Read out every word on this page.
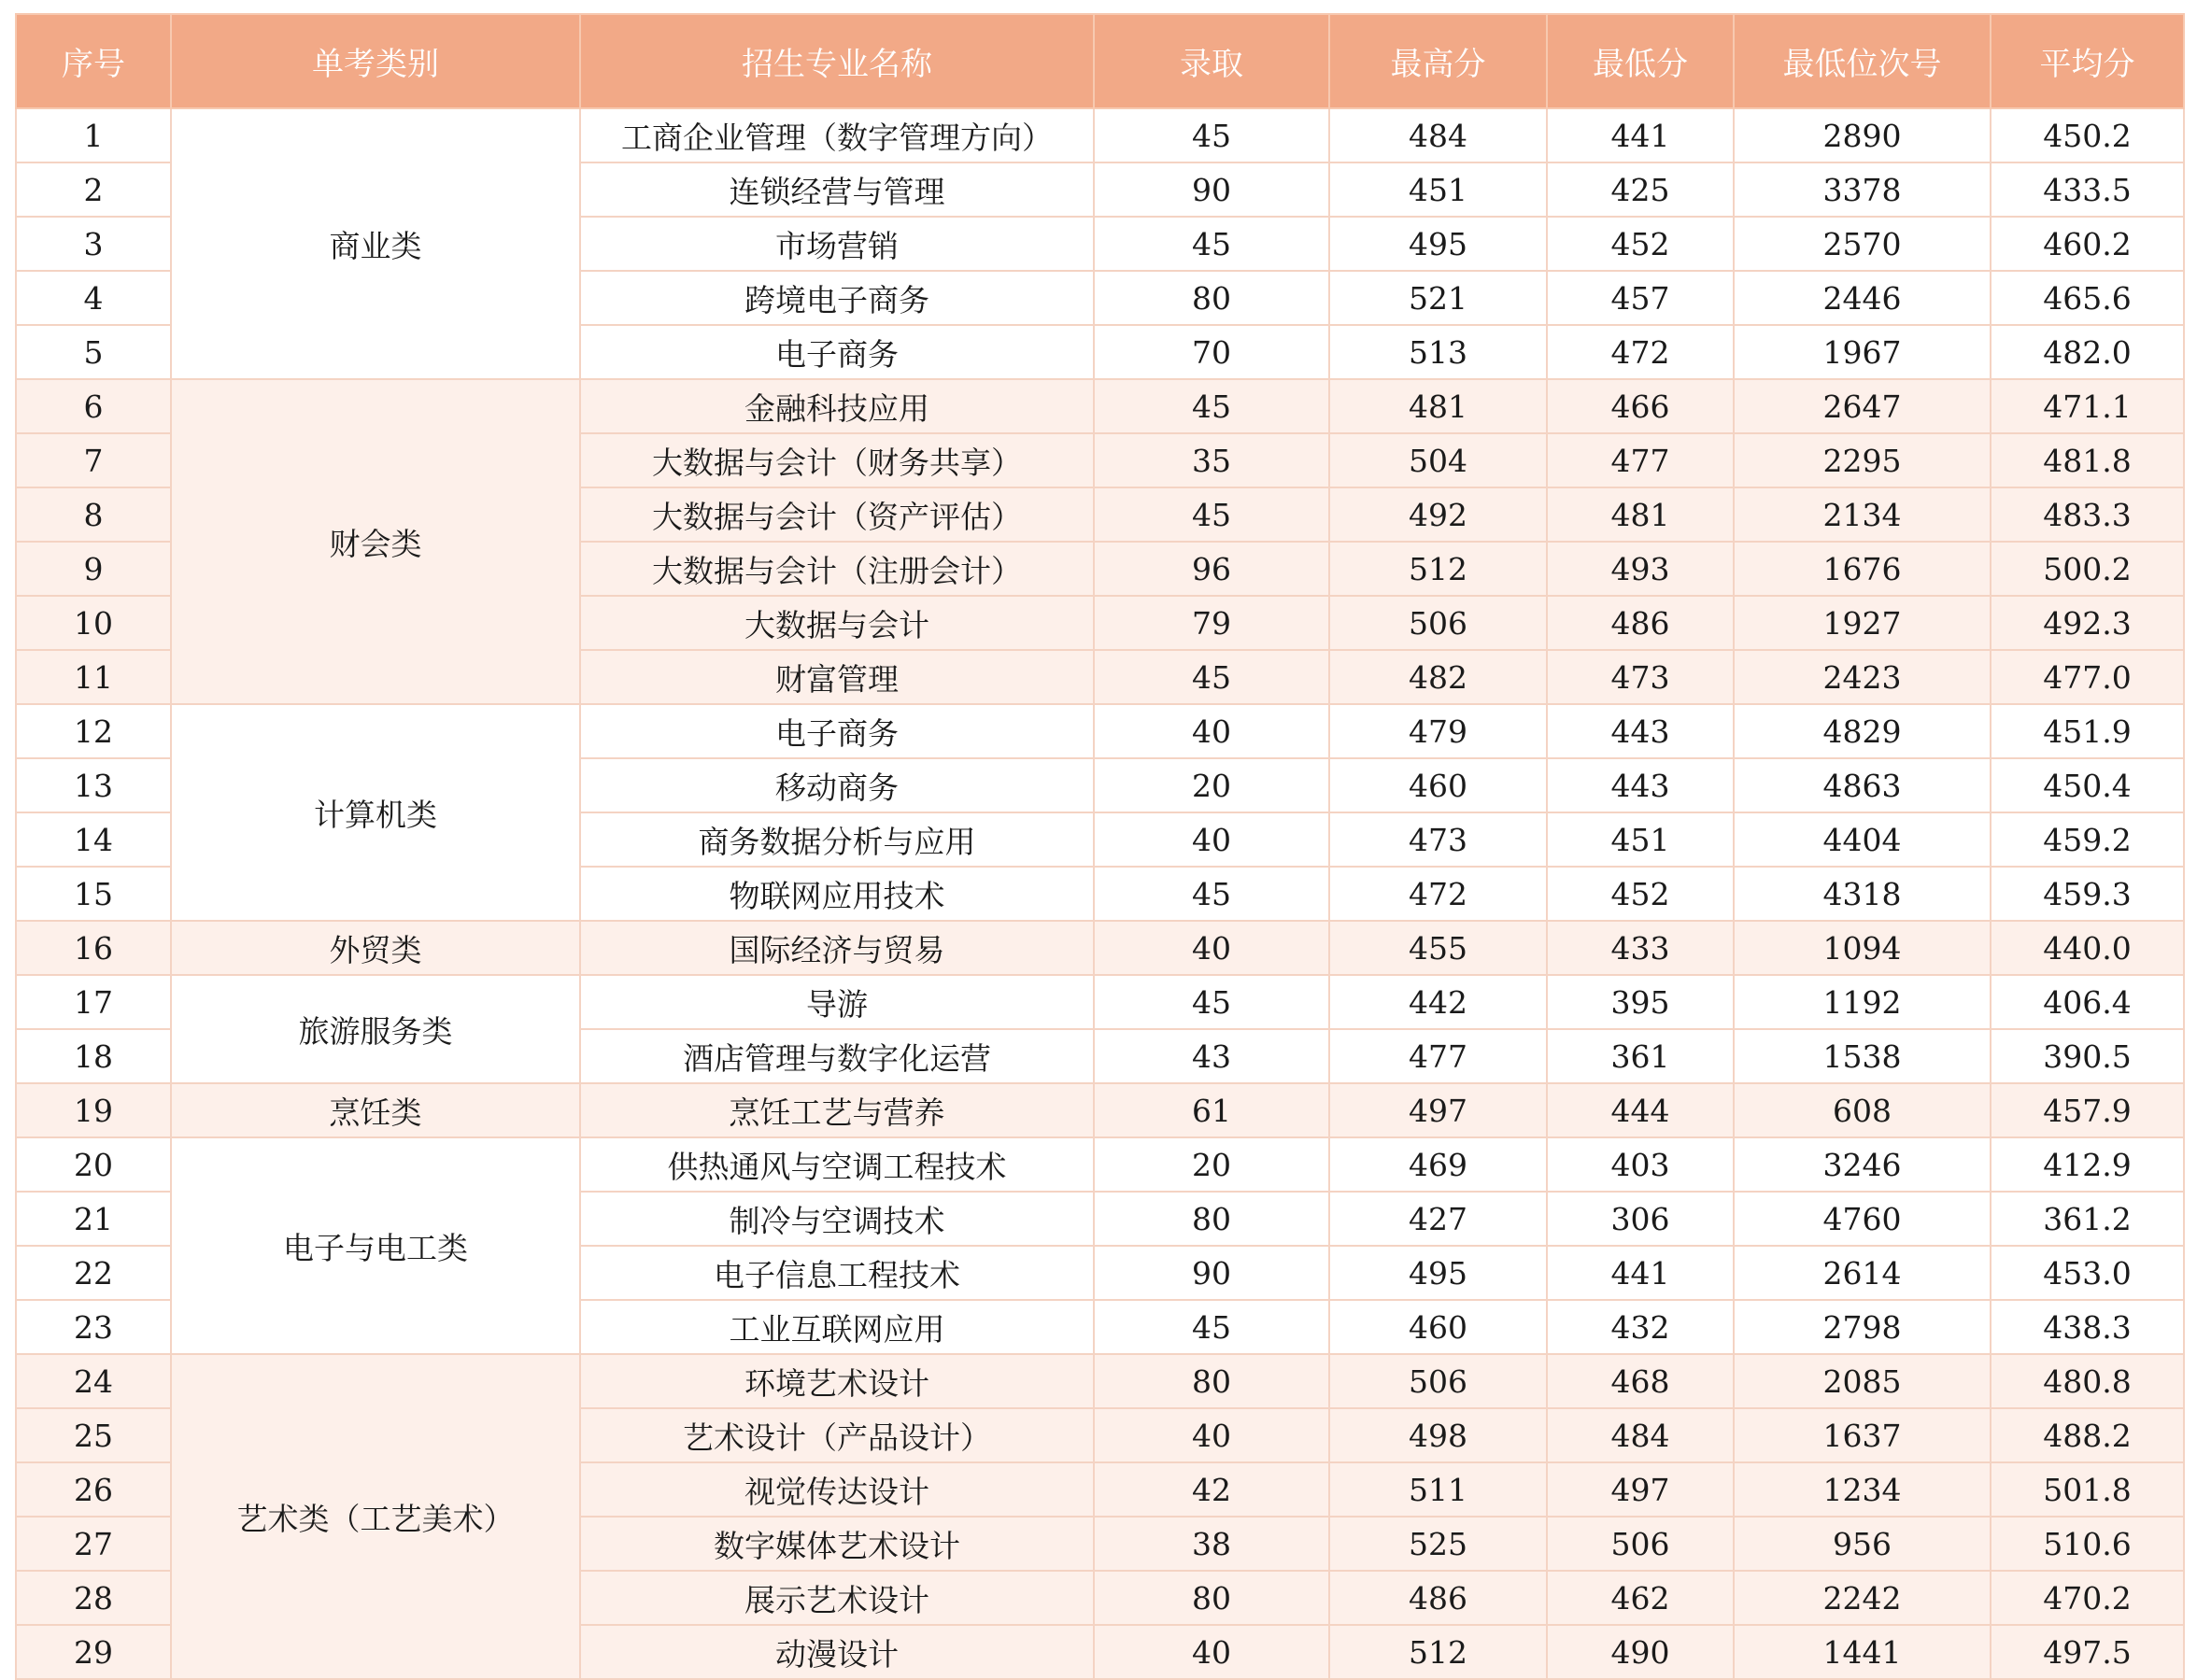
序号	单考类别	招生专业名称	录取	最高分	最低分	最低位次号	平均分
1	商业类	工商企业管理（数字管理方向）	45	484	441	2890	450.2
2		连锁经营与管理	90	451	425	3378	433.5
3		市场营销	45	495	452	2570	460.2
4		跨境电子商务	80	521	457	2446	465.6
5		电子商务	70	513	472	1967	482.0
6	财会类	金融科技应用	45	481	466	2647	471.1
7		大数据与会计（财务共享）	35	504	477	2295	481.8
8		大数据与会计（资产评估）	45	492	481	2134	483.3
9		大数据与会计（注册会计）	96	512	493	1676	500.2
10		大数据与会计	79	506	486	1927	492.3
11		财富管理	45	482	473	2423	477.0
12	计算机类	电子商务	40	479	443	4829	451.9
13		移动商务	20	460	443	4863	450.4
14		商务数据分析与应用	40	473	451	4404	459.2
15		物联网应用技术	45	472	452	4318	459.3
16	外贸类	国际经济与贸易	40	455	433	1094	440.0
17	旅游服务类	导游	45	442	395	1192	406.4
18		酒店管理与数字化运营	43	477	361	1538	390.5
19	烹饪类	烹饪工艺与营养	61	497	444	608	457.9
20	电子与电工类	供热通风与空调工程技术	20	469	403	3246	412.9
21		制冷与空调技术	80	427	306	4760	361.2
22		电子信息工程技术	90	495	441	2614	453.0
23		工业互联网应用	45	460	432	2798	438.3
24	艺术类（工艺美术）	环境艺术设计	80	506	468	2085	480.8
25		艺术设计（产品设计）	40	498	484	1637	488.2
26		视觉传达设计	42	511	497	1234	501.8
27		数字媒体艺术设计	38	525	506	956	510.6
28		展示艺术设计	80	486	462	2242	470.2
29		动漫设计	40	512	490	1441	497.5
